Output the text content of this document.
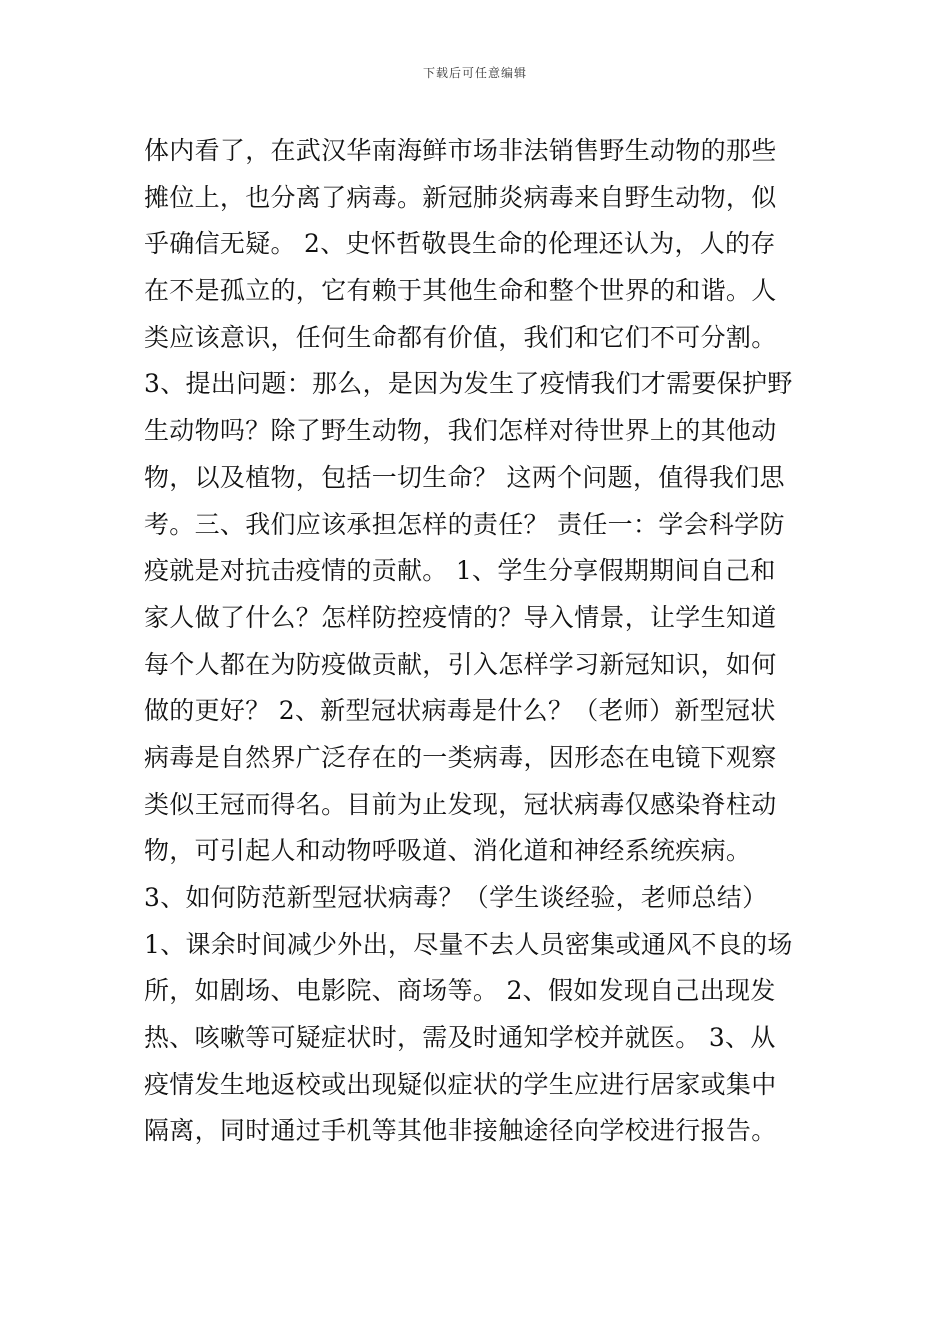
下载后可任意编辑
体内看了，在武汉华南海鲜市场非法销售野生动物的那些
摊位上，也分离了病毒。新冠肺炎病毒来自野生动物，似
乎确信无疑。 2、史怀哲敬畏生命的伦理还认为，人的存
在不是孤立的，它有赖于其他生命和整个世界的和谐。人
类应该意识，任何生命都有价值，我们和它们不可分割。
3、提出问题：那么，是因为发生了疫情我们才需要保护野
生动物吗？除了野生动物，我们怎样对待世界上的其他动
物，以及植物，包括一切生命？ 这两个问题，值得我们思
考。三、我们应该承担怎样的责任？ 责任一：学会科学防
疫就是对抗击疫情的贡献。 1、学生分享假期期间自己和
家人做了什么？怎样防控疫情的？导入情景，让学生知道
每个人都在为防疫做贡献，引入怎样学习新冠知识，如何
做的更好？ 2、新型冠状病毒是什么？（老师）新型冠状
病毒是自然界广泛存在的一类病毒，因形态在电镜下观察
类似王冠而得名。目前为止发现，冠状病毒仅感染脊柱动
物，可引起人和动物呼吸道、消化道和神经系统疾病。
3、如何防范新型冠状病毒？（学生谈经验，老师总结）
1、课余时间减少外出，尽量不去人员密集或通风不良的场
所，如剧场、电影院、商场等。 2、假如发现自己出现发
热、咳嗽等可疑症状时，需及时通知学校并就医。 3、从
疫情发生地返校或出现疑似症状的学生应进行居家或集中
隔离，同时通过手机等其他非接触途径向学校进行报告。
